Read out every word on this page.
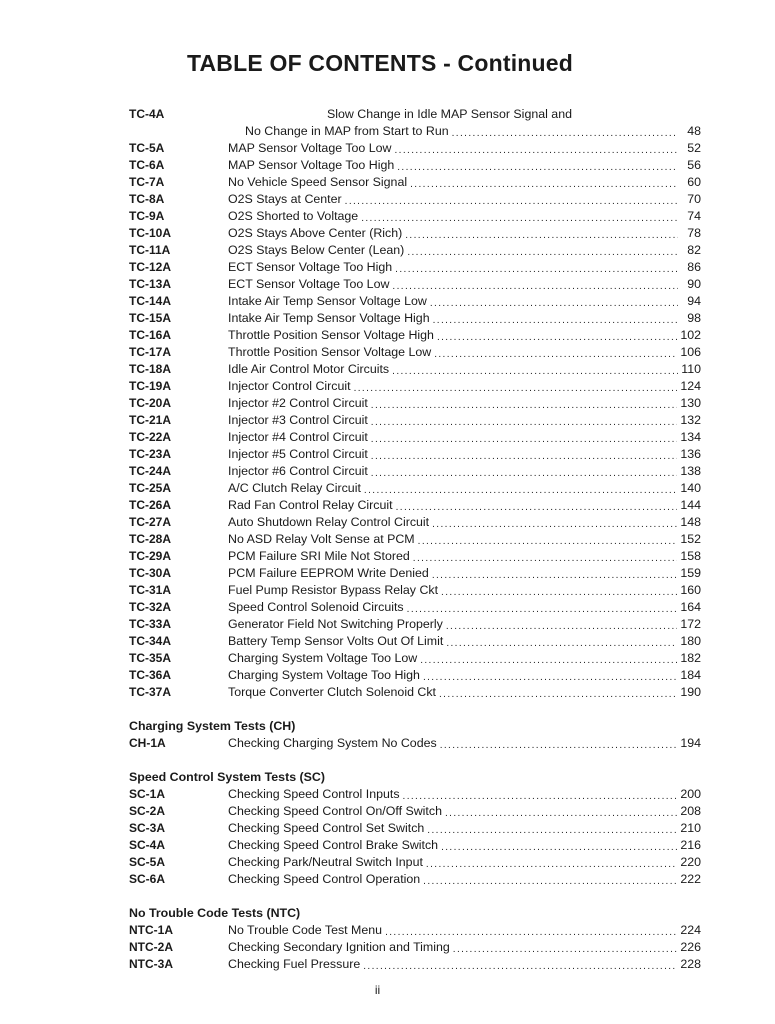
TABLE OF CONTENTS - Continued
TC-4A	Slow Change in Idle MAP Sensor Signal and
No Change in MAP from Start to Run .....	48
TC-5A	MAP Sensor Voltage Too Low .....	52
TC-6A	MAP Sensor Voltage Too High .....	56
TC-7A	No Vehicle Speed Sensor Signal .....	60
TC-8A	O2S Stays at Center .....	70
TC-9A	O2S Shorted to Voltage .....	74
TC-10A	O2S Stays Above Center (Rich) .....	78
TC-11A	O2S Stays Below Center (Lean) .....	82
TC-12A	ECT Sensor Voltage Too High .....	86
TC-13A	ECT Sensor Voltage Too Low .....	90
TC-14A	Intake Air Temp Sensor Voltage Low .....	94
TC-15A	Intake Air Temp Sensor Voltage High .....	98
TC-16A	Throttle Position Sensor Voltage High .....	102
TC-17A	Throttle Position Sensor Voltage Low .....	106
TC-18A	Idle Air Control Motor Circuits .....	110
TC-19A	Injector Control Circuit .....	124
TC-20A	Injector #2 Control Circuit .....	130
TC-21A	Injector #3 Control Circuit .....	132
TC-22A	Injector #4 Control Circuit .....	134
TC-23A	Injector #5 Control Circuit .....	136
TC-24A	Injector #6 Control Circuit .....	138
TC-25A	A/C Clutch Relay Circuit .....	140
TC-26A	Rad Fan Control Relay Circuit .....	144
TC-27A	Auto Shutdown Relay Control Circuit .....	148
TC-28A	No ASD Relay Volt Sense at PCM .....	152
TC-29A	PCM Failure SRI Mile Not Stored .....	158
TC-30A	PCM Failure EEPROM Write Denied .....	159
TC-31A	Fuel Pump Resistor Bypass Relay Ckt .....	160
TC-32A	Speed Control Solenoid Circuits .....	164
TC-33A	Generator Field Not Switching Properly .....	172
TC-34A	Battery Temp Sensor Volts Out Of Limit .....	180
TC-35A	Charging System Voltage Too Low .....	182
TC-36A	Charging System Voltage Too High .....	184
TC-37A	Torque Converter Clutch Solenoid Ckt .....	190
Charging System Tests (CH)
CH-1A	Checking Charging System No Codes .....	194
Speed Control System Tests (SC)
SC-1A	Checking Speed Control Inputs .....	200
SC-2A	Checking Speed Control On/Off Switch .....	208
SC-3A	Checking Speed Control Set Switch .....	210
SC-4A	Checking Speed Control Brake Switch .....	216
SC-5A	Checking Park/Neutral Switch Input .....	220
SC-6A	Checking Speed Control Operation .....	222
No Trouble Code Tests (NTC)
NTC-1A	No Trouble Code Test Menu .....	224
NTC-2A	Checking Secondary Ignition and Timing .....	226
NTC-3A	Checking Fuel Pressure .....	228
ii
